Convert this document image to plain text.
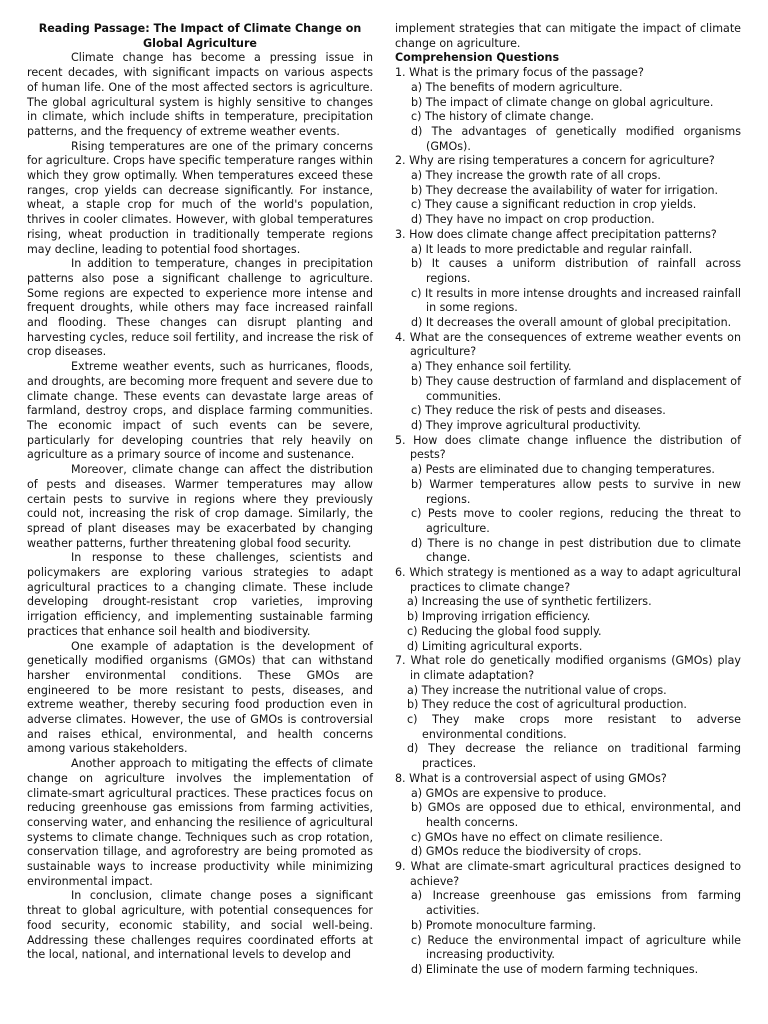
Reading Passage: The Impact of Climate Change on Global Agriculture

Climate change has become a pressing issue in recent decades, with significant impacts on various aspects of human life. One of the most affected sectors is agriculture. The global agricultural system is highly sensitive to changes in climate, which include shifts in temperature, precipitation patterns, and the frequency of extreme weather events.

Rising temperatures are one of the primary concerns for agriculture. Crops have specific temperature ranges within which they grow optimally. When temperatures exceed these ranges, crop yields can decrease significantly. For instance, wheat, a staple crop for much of the world's population, thrives in cooler climates. However, with global temperatures rising, wheat production in traditionally temperate regions may decline, leading to potential food shortages.

In addition to temperature, changes in precipitation patterns also pose a significant challenge to agriculture. Some regions are expected to experience more intense and frequent droughts, while others may face increased rainfall and flooding. These changes can disrupt planting and harvesting cycles, reduce soil fertility, and increase the risk of crop diseases.

Extreme weather events, such as hurricanes, floods, and droughts, are becoming more frequent and severe due to climate change. These events can devastate large areas of farmland, destroy crops, and displace farming communities. The economic impact of such events can be severe, particularly for developing countries that rely heavily on agriculture as a primary source of income and sustenance.

Moreover, climate change can affect the distribution of pests and diseases. Warmer temperatures may allow certain pests to survive in regions where they previously could not, increasing the risk of crop damage. Similarly, the spread of plant diseases may be exacerbated by changing weather patterns, further threatening global food security.

In response to these challenges, scientists and policymakers are exploring various strategies to adapt agricultural practices to a changing climate. These include developing drought-resistant crop varieties, improving irrigation efficiency, and implementing sustainable farming practices that enhance soil health and biodiversity.

One example of adaptation is the development of genetically modified organisms (GMOs) that can withstand harsher environmental conditions. These GMOs are engineered to be more resistant to pests, diseases, and extreme weather, thereby securing food production even in adverse climates. However, the use of GMOs is controversial and raises ethical, environmental, and health concerns among various stakeholders.

Another approach to mitigating the effects of climate change on agriculture involves the implementation of climate-smart agricultural practices. These practices focus on reducing greenhouse gas emissions from farming activities, conserving water, and enhancing the resilience of agricultural systems to climate change. Techniques such as crop rotation, conservation tillage, and agroforestry are being promoted as sustainable ways to increase productivity while minimizing environmental impact.

In conclusion, climate change poses a significant threat to global agriculture, with potential consequences for food security, economic stability, and social well-being. Addressing these challenges requires coordinated efforts at the local, national, and international levels to develop and

implement strategies that can mitigate the impact of climate change on agriculture.

Comprehension Questions

1. What is the primary focus of the passage?

a) The benefits of modern agriculture.

b) The impact of climate change on global agriculture.

c) The history of climate change.

d) The advantages of genetically modified organisms (GMOs).

2. Why are rising temperatures a concern for agriculture?

a) They increase the growth rate of all crops.

b) They decrease the availability of water for irrigation.

c) They cause a significant reduction in crop yields.

d) They have no impact on crop production.

3. How does climate change affect precipitation patterns?

a) It leads to more predictable and regular rainfall.

b) It causes a uniform distribution of rainfall across regions.

c) It results in more intense droughts and increased rainfall in some regions.

d) It decreases the overall amount of global precipitation.

4. What are the consequences of extreme weather events on agriculture?

a) They enhance soil fertility.

b) They cause destruction of farmland and displacement of communities.

c) They reduce the risk of pests and diseases.

d) They improve agricultural productivity.

5. How does climate change influence the distribution of pests?

a) Pests are eliminated due to changing temperatures.

b) Warmer temperatures allow pests to survive in new regions.

c) Pests move to cooler regions, reducing the threat to agriculture.

d) There is no change in pest distribution due to climate change.

6. Which strategy is mentioned as a way to adapt agricultural practices to climate change?

a) Increasing the use of synthetic fertilizers.

b) Improving irrigation efficiency.

c) Reducing the global food supply.

d) Limiting agricultural exports.

7. What role do genetically modified organisms (GMOs) play in climate adaptation?

a) They increase the nutritional value of crops.

b) They reduce the cost of agricultural production.

c) They make crops more resistant to adverse environmental conditions.

d) They decrease the reliance on traditional farming practices.

8. What is a controversial aspect of using GMOs?

a) GMOs are expensive to produce.

b) GMOs are opposed due to ethical, environmental, and health concerns.

c) GMOs have no effect on climate resilience.

d) GMOs reduce the biodiversity of crops.

9. What are climate-smart agricultural practices designed to achieve?

a) Increase greenhouse gas emissions from farming activities.

b) Promote monoculture farming.

c) Reduce the environmental impact of agriculture while increasing productivity.

d) Eliminate the use of modern farming techniques.
